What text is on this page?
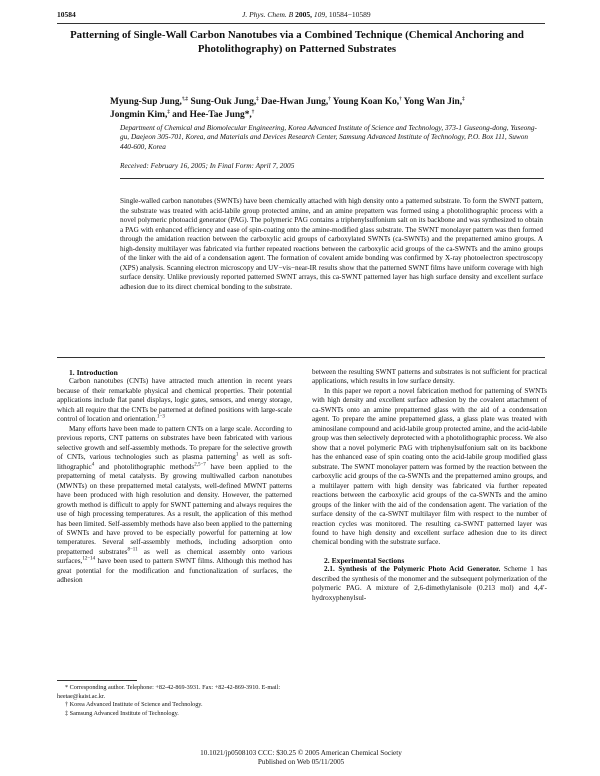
10584	J. Phys. Chem. B 2005, 109, 10584−10589
Patterning of Single-Wall Carbon Nanotubes via a Combined Technique (Chemical Anchoring and Photolithography) on Patterned Substrates
Myung-Sup Jung,†,‡ Sung-Ouk Jung,‡ Dae-Hwan Jung,† Young Koan Ko,† Yong Wan Jin,‡
Jongmin Kim,‡ and Hee-Tae Jung*,†
Department of Chemical and Biomolecular Engineering, Korea Advanced Institute of Science and Technology, 373-1 Guseong-dong, Yuseong-gu, Daejeon 305-701, Korea, and Materials and Devices Research Center, Samsung Advanced Institute of Technology, P.O. Box 111, Suwon 440-600, Korea
Received: February 16, 2005; In Final Form: April 7, 2005
Single-walled carbon nanotubes (SWNTs) have been chemically attached with high density onto a patterned substrate. To form the SWNT pattern, the substrate was treated with acid-labile group protected amine, and an amine prepattern was formed using a photolithographic process with a novel polymeric photoacid generator (PAG). The polymeric PAG contains a triphenylsulfonium salt on its backbone and was synthesized to obtain a PAG with enhanced efficiency and ease of spin-coating onto the amine-modified glass substrate. The SWNT monolayer pattern was then formed through the amidation reaction between the carboxylic acid groups of carboxylated SWNTs (ca-SWNTs) and the prepatterned amino groups. A high-density multilayer was fabricated via further repeated reactions between the carboxylic acid groups of the ca-SWNTs and the amino groups of the linker with the aid of a condensation agent. The formation of covalent amide bonding was confirmed by X-ray photoelectron spectroscopy (XPS) analysis. Scanning electron microscopy and UV−vis−near-IR results show that the patterned SWNT films have uniform coverage with high surface density. Unlike previously reported patterned SWNT arrays, this ca-SWNT patterned layer has high surface density and excellent surface adhesion due to its direct chemical bonding to the substrate.

1. Introduction

Carbon nanotubes (CNTs) have attracted much attention in recent years because of their remarkable physical and chemical properties. Their potential applications include flat panel displays, logic gates, sensors, and energy storage, which all require that the CNTs be patterned at defined positions with large-scale control of location and orientation.$^{1-3}$

Many efforts have been made to pattern CNTs on a large scale. According to previous reports, CNT patterns on substrates have been fabricated with various selective growth and self-assembly methods. To prepare for the selective growth of CNTs, various technologies such as plasma patterning$^1$ as well as soft-lithographic$^4$ and photolithographic methods$^{2,5-7}$ have been applied to the prepatterning of metal catalysts. By growing multiwalled carbon nanotubes (MWNTs) on these prepatterned metal catalysts, well-defined MWNT patterns have been produced with high resolution and density. However, the patterned growth method is difficult to apply for SWNT patterning and always requires the use of high processing temperatures. As a result, the application of this method has been limited. Self-assembly methods have also been applied to the patterning of SWNTs and have proved to be especially powerful for patterning at low temperatures. Several self-assembly methods, including adsorption onto prepatterned substrates$^{8-11}$ as well as chemical assembly onto various surfaces,$^{12-14}$ have been used to pattern SWNT films. Although this method has great potential for the modification and functionalization of surfaces, the adhesion

between the resulting SWNT patterns and substrates is not sufficient for practical applications, which results in low surface density.

In this paper we report a novel fabrication method for patterning of SWNTs with high density and excellent surface adhesion by the covalent attachment of ca-SWNTs onto an amine prepatterned glass with the aid of a condensation agent. To prepare the amine prepatterned glass, a glass plate was treated with aminosilane compound and acid-labile group protected amine, and the acid-labile group was then selectively deprotected with a photolithographic process. We also show that a novel polymeric PAG with triphenylsulfonium salt on its backbone has the enhanced ease of spin coating onto the acid-labile group modified glass substrate. The SWNT monolayer pattern was formed by the reaction between the carboxylic acid groups of the ca-SWNTs and the prepatterned amino groups, and a multilayer pattern with high density was fabricated via further repeated reactions between the carboxylic acid groups of the ca-SWNTs and the amino groups of the linker with the aid of the condensation agent. The variation of the surface density of the ca-SWNT multilayer film with respect to the number of reaction cycles was monitored. The resulting ca-SWNT patterned layer was found to have high density and excellent surface adhesion due to its direct chemical bonding with the substrate surface.

2. Experimental Sections

2.1. Synthesis of the Polymeric Photo Acid Generator. Scheme 1 has described the synthesis of the monomer and the subsequent polymerization of the polymeric PAG. A mixture of 2,6-dimethylanisole (0.213 mol) and 4,4′-hydroxyphenylsul-

* Corresponding author. Telephone: +82-42-869-3931. Fax: +82-42-869-3910. E-mail: heetae@kaist.ac.kr.

† Korea Advanced Institute of Science and Technology.

‡ Samsung Advanced Institute of Technology.

10.1021/jp0508103 CCC: $30.25 © 2005 American Chemical Society
Published on Web 05/11/2005
